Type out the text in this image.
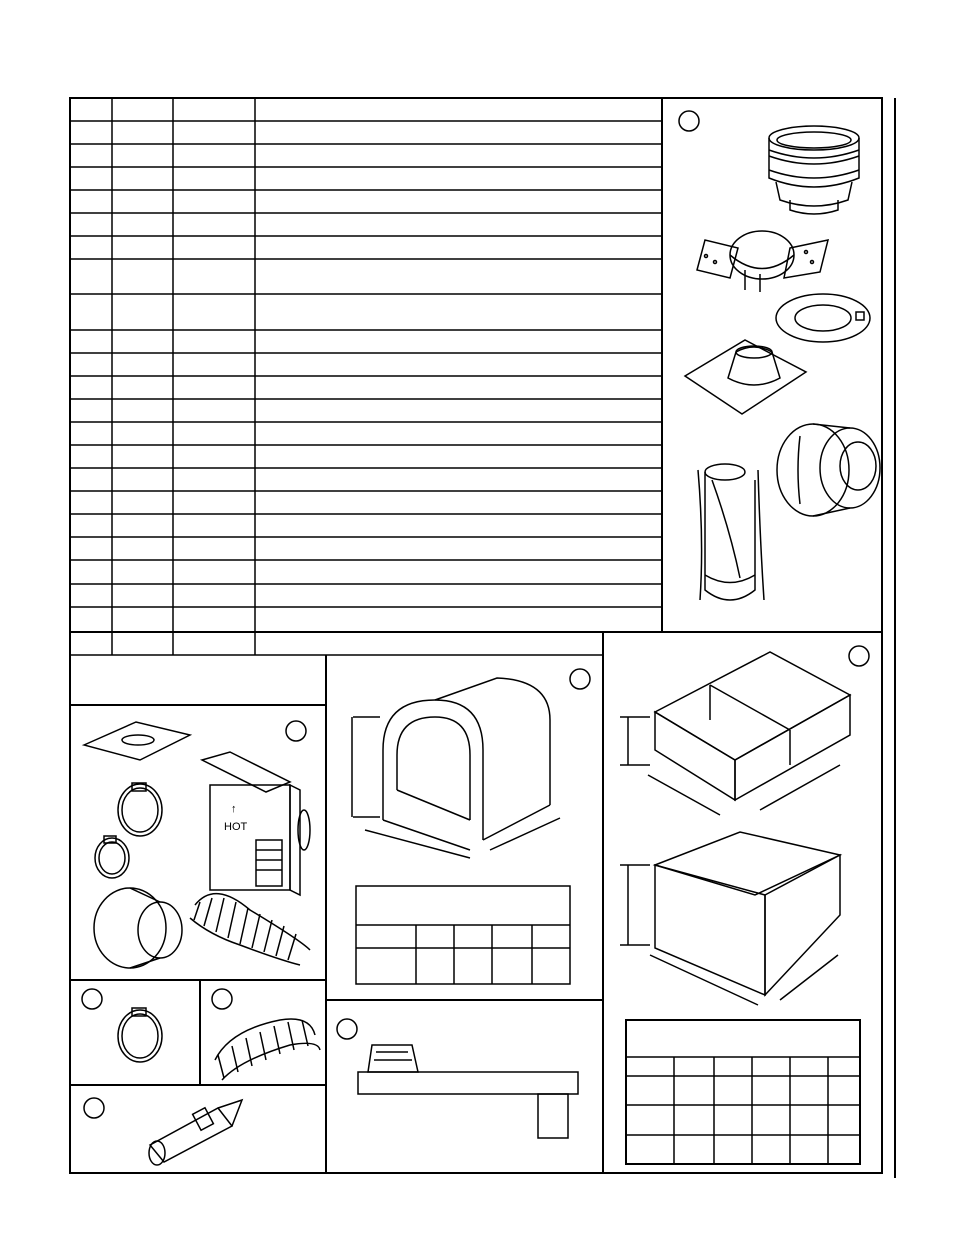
HOT
↑
